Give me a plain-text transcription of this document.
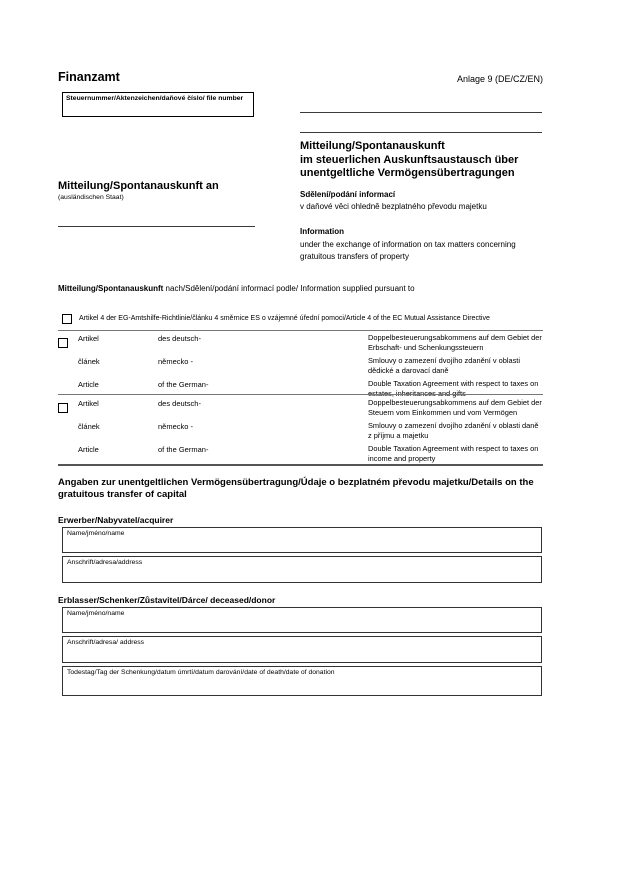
Finanzamt	Anlage 9 (DE/CZ/EN)
Steuernummer/Aktenzeichen/daňové číslo/ file number
Mitteilung/Spontanauskunft an
(ausländischen Staat)
Mitteilung/Spontanauskunft
im steuerlichen Auskunftsaustausch über
unentgeltliche Vermögensübertragungen
Sdělení/podání informací
v daňové věci ohledně bezplatného převodu majetku
Information
under the exchange of information on tax matters concerning gratuitous transfers of property
Mitteilung/Spontanauskunft nach/Sdělení/podání informací podle/ Information supplied pursuant to
Artikel 4 der EG-Amtshilfe-Richtlinie/článku 4 směrnice ES o vzájemné úřední pomoci/Article 4 of the EC Mutual Assistance Directive
Artikel	des deutsch-	Doppelbesteuerungsabkommens auf dem Gebiet der Erbschaft- und Schenkungssteuern
článek	německo -	Smlouvy o zamezení dvojího zdanění v oblasti dědické a darovací daně
Article	of the German-	Double Taxation Agreement with respect to taxes on estates, inheritances and gifts
Artikel	des deutsch-	Doppelbesteuerungsabkommens auf dem Gebiet der Steuern vom Einkommen und vom Vermögen
článek	německo -	Smlouvy o zamezení dvojího zdanění v oblasti daně z příjmu a majetku
Article	of the German-	Double Taxation Agreement with respect to taxes on income and property
Angaben zur unentgeltlichen Vermögensübertragung/Údaje o bezplatném převodu majetku/Details on the gratuitous transfer of capital
Erwerber/Nabyvatel/acquirer
Name/jméno/name
Anschrift/adresa/address
Erblasser/Schenker/Zůstavitel/Dárce/ deceased/donor
Name/jméno/name
Anschrift/adresa/ address
Todestag/Tag der Schenkung/datum úmrtí/datum darování/date of death/date of donation
